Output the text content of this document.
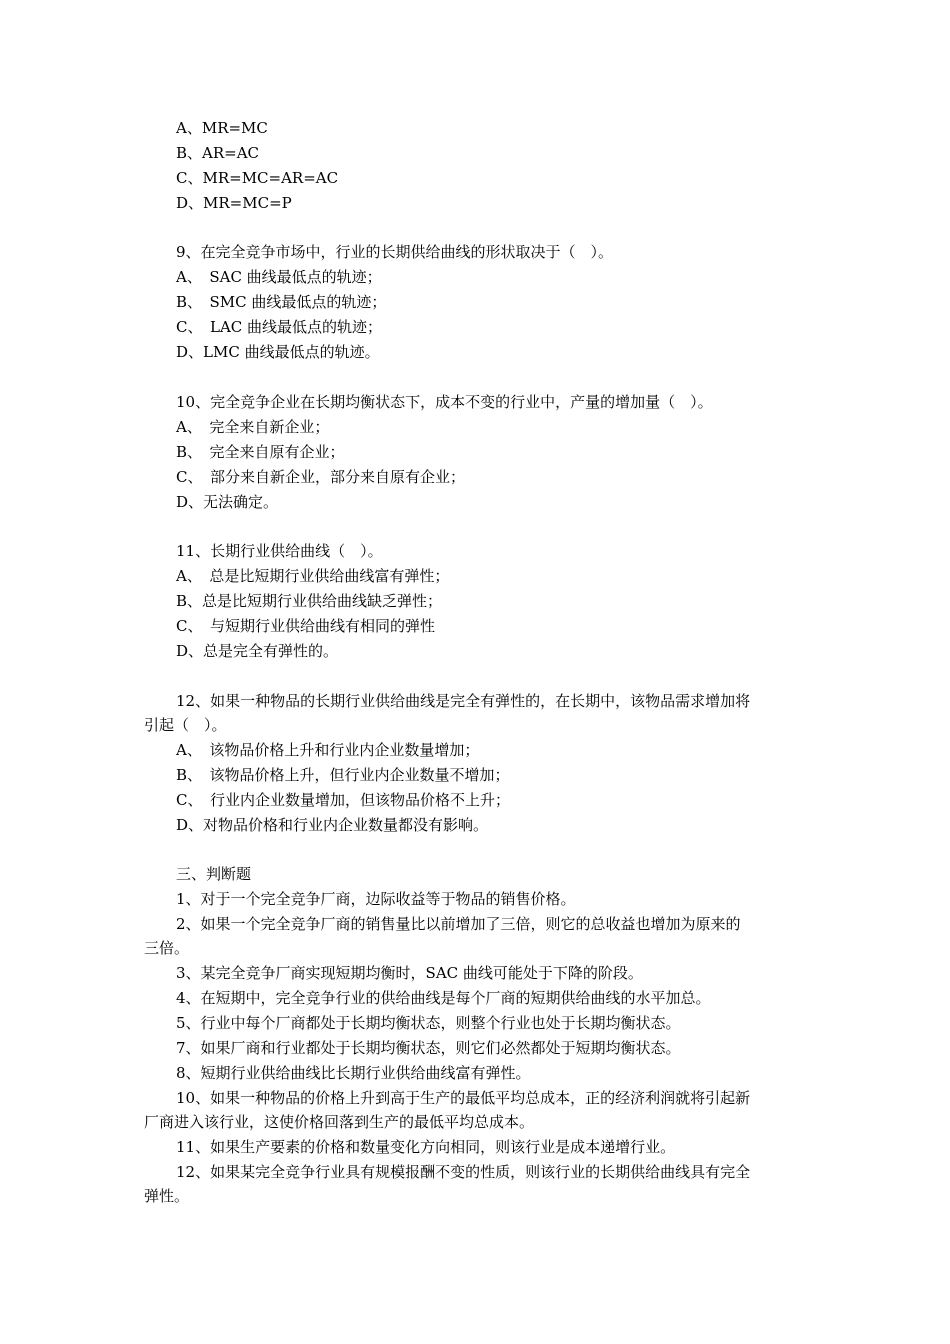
A、MR=MC
B、AR=AC
C、MR=MC=AR=AC
D、MR=MC=P
9、在完全竞争市场中，行业的长期供给曲线的形状取决于（　）。
A、　SAC 曲线最低点的轨迹；
B、　SMC 曲线最低点的轨迹；
C、　LAC 曲线最低点的轨迹；
D、LMC 曲线最低点的轨迹。
10、完全竞争企业在长期均衡状态下，成本不变的行业中，产量的增加量（　）。
A、　完全来自新企业；
B、　完全来自原有企业；
C、　部分来自新企业，部分来自原有企业；
D、无法确定。
11、长期行业供给曲线（　）。
A、　总是比短期行业供给曲线富有弹性；
B、总是比短期行业供给曲线缺乏弹性；
C、　与短期行业供给曲线有相同的弹性
D、总是完全有弹性的。
12、如果一种物品的长期行业供给曲线是完全有弹性的，在长期中，该物品需求增加将
引起（　）。
A、　该物品价格上升和行业内企业数量增加；
B、　该物品价格上升，但行业内企业数量不增加；
C、　行业内企业数量增加，但该物品价格不上升；
D、对物品价格和行业内企业数量都没有影响。
三、判断题
1、对于一个完全竞争厂商，边际收益等于物品的销售价格。
2、如果一个完全竞争厂商的销售量比以前增加了三倍，则它的总收益也增加为原来的
三倍。
3、某完全竞争厂商实现短期均衡时，SAC 曲线可能处于下降的阶段。
4、在短期中，完全竞争行业的供给曲线是每个厂商的短期供给曲线的水平加总。
5、行业中每个厂商都处于长期均衡状态，则整个行业也处于长期均衡状态。
7、如果厂商和行业都处于长期均衡状态，则它们必然都处于短期均衡状态。
8、短期行业供给曲线比长期行业供给曲线富有弹性。
10、如果一种物品的价格上升到高于生产的最低平均总成本，正的经济利润就将引起新
厂商进入该行业，这使价格回落到生产的最低平均总成本。
11、如果生产要素的价格和数量变化方向相同，则该行业是成本递增行业。
12、如果某完全竞争行业具有规模报酬不变的性质，则该行业的长期供给曲线具有完全
弹性。
